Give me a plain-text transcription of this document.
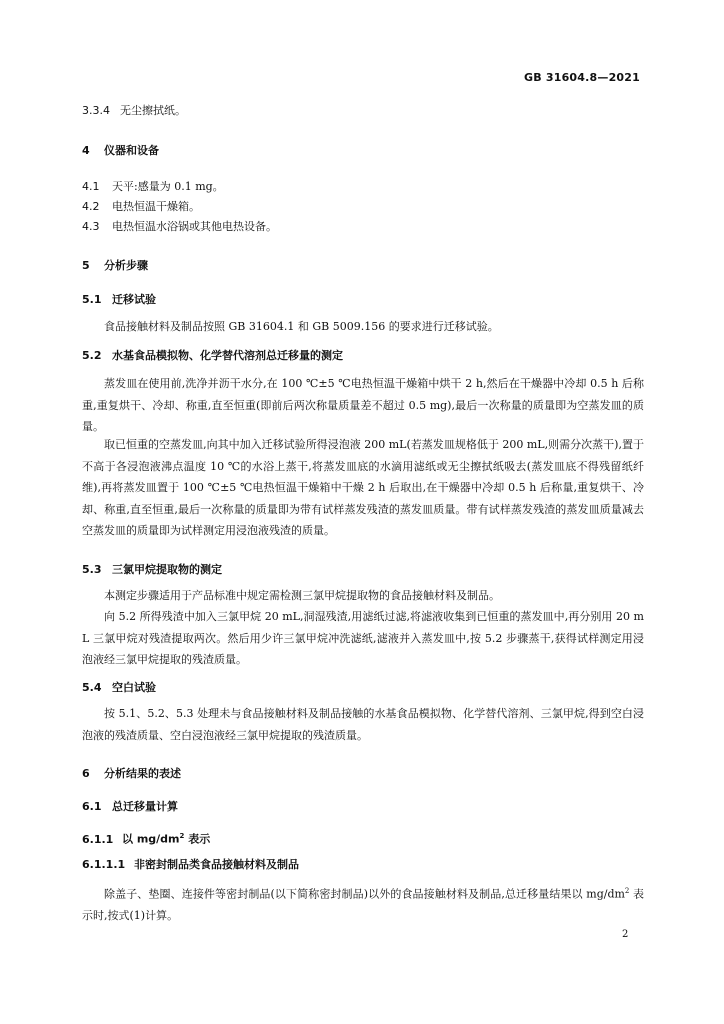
GB 31604.8—2021
3.3.4 无尘擦拭纸。
4 仪器和设备
4.1 天平:感量为 0.1 mg。
4.2 电热恒温干燥箱。
4.3 电热恒温水浴锅或其他电热设备。
5 分析步骤
5.1 迁移试验
食品接触材料及制品按照 GB 31604.1 和 GB 5009.156 的要求进行迁移试验。
5.2 水基食品模拟物、化学替代溶剂总迁移量的测定
蒸发皿在使用前,洗净并沥干水分,在 100 ℃±5 ℃电热恒温干燥箱中烘干 2 h,然后在干燥器中冷却 0.5 h 后称重,重复烘干、冷却、称重,直至恒重(即前后两次称量质量差不超过 0.5 mg),最后一次称量的质量即为空蒸发皿的质量。
取已恒重的空蒸发皿,向其中加入迁移试验所得浸泡液 200 mL(若蒸发皿规格低于 200 mL,则需分次蒸干),置于不高于各浸泡液沸点温度 10 ℃的水浴上蒸干,将蒸发皿底的水滴用滤纸或无尘擦拭纸吸去(蒸发皿底不得残留纸纤维),再将蒸发皿置于 100 ℃±5 ℃电热恒温干燥箱中干燥 2 h 后取出,在干燥器中冷却 0.5 h 后称量,重复烘干、冷却、称重,直至恒重,最后一次称量的质量即为带有试样蒸发残渣的蒸发皿质量。带有试样蒸发残渣的蒸发皿质量减去空蒸发皿的质量即为试样测定用浸泡液残渣的质量。
5.3 三氯甲烷提取物的测定
本测定步骤适用于产品标准中规定需检测三氯甲烷提取物的食品接触材料及制品。
向 5.2 所得残渣中加入三氯甲烷 20 mL,洞湿残渣,用滤纸过滤,将滤液收集到已恒重的蒸发皿中,再分别用 20 mL 三氯甲烷对残渣提取两次。然后用少许三氯甲烷冲洗滤纸,滤液并入蒸发皿中,按 5.2 步骤蒸干,获得试样测定用浸泡液经三氯甲烷提取的残渣质量。
5.4 空白试验
按 5.1、5.2、5.3 处理未与食品接触材料及制品接触的水基食品模拟物、化学替代溶剂、三氯甲烷,得到空白浸泡液的残渣质量、空白浸泡液经三氯甲烷提取的残渣质量。
6 分析结果的表述
6.1 总迁移量计算
6.1.1 以 $mg/dm^2$ 表示
6.1.1.1 非密封制品类食品接触材料及制品
除盖子、垫圈、连接件等密封制品(以下简称密封制品)以外的食品接触材料及制品,总迁移量结果以 $mg/dm^2$ 表示时,按式(1)计算。
2
